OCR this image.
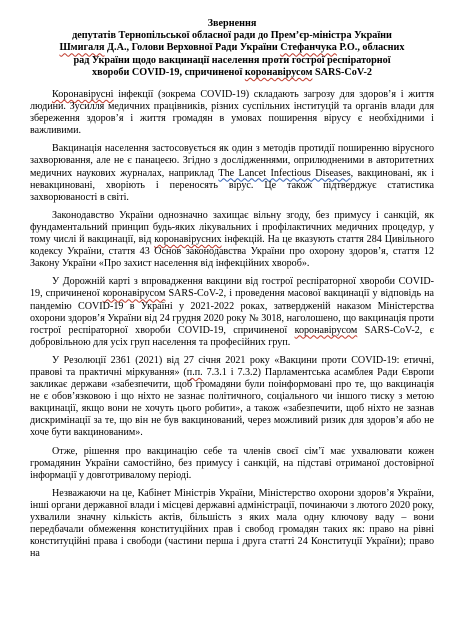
Звернення
депутатів Тернопільської обласної ради до Прем’єр-міністра України
Шмигаля Д.А., Голови Верховної Ради України Стефанчука Р.О., обласних
рад України щодо вакцинації населення проти гострої респіраторної
хвороби COVID-19, спричиненої коронавірусом SARS-CoV-2

Коронавірусні інфекції (зокрема COVID-19) складають загрозу для здоров’я і життя людини. Зусилля медичних працівників, різних суспільних інституцій та органів влади для збереження здоров’я і життя громадян в умовах поширення вірусу є необхідними і важливими.

Вакцинація населення застосовується як один з методів протидії поширенню вірусного захворювання, але не є панацеєю. Згідно з дослідженнями, оприлюдненими в авторитетних медичних наукових журналах, наприклад The Lancet Infectious Diseases, вакциновані, як і невакциновані, хворіють і переносять вірус. Це також підтверджує статистика захворюваності в світі.

Законодавство України однозначно захищає вільну згоду, без примусу і санкцій, як фундаментальний принцип будь-яких лікувальних і профілактичних медичних процедур, у тому числі й вакцинації, від коронавірусних інфекцій. На це вказують стаття 284 Цивільного кодексу України, стаття 43 Основ законодавства України про охорону здоров’я, стаття 12 Закону України «Про захист населення від інфекційних хвороб».

У Дорожній карті з впровадження вакцини від гострої респіраторної хвороби COVID-19, спричиненої коронавірусом SARS-CoV-2, і проведення масової вакцинації у відповідь на пандемію COVID-19 в Україні у 2021-2022 роках, затвердженій наказом Міністерства охорони здоров’я України від 24 грудня 2020 року № 3018, наголошено, що вакцинація проти гострої респіраторної хвороби COVID-19, спричиненої коронавірусом SARS-CoV-2, є добровільною для усіх груп населення та професійних груп.

У Резолюції 2361 (2021) від 27 січня 2021 року «Вакцини проти COVID-19: етичні, правові та практичні міркування» (п.п. 7.3.1 і 7.3.2) Парламентська асамблея Ради Європи закликає держави «забезпечити, щоб громадяни були поінформовані про те, що вакцинація не є обов’язковою і що ніхто не зазнає політичного, соціального чи іншого тиску з метою вакцинації, якщо вони не хочуть цього робити», а також «забезпечити, щоб ніхто не зазнав дискримінації за те, що він не був вакцинований, через можливий ризик для здоров’я або не хоче бути вакцинованим».

Отже, рішення про вакцинацію себе та членів своєї сім’ї має ухвалювати кожен громадянин України самостійно, без примусу і санкцій, на підставі отриманої достовірної інформації у довготривалому періоді.

Незважаючи на це, Кабінет Міністрів України, Міністерство охорони здоров’я України, інші органи державної влади і місцеві державні адміністрації, починаючи з лютого 2020 року, ухвалили значну кількість актів, більшість з яких мала одну ключову ваду – вони передбачали обмеження конституційних прав і свобод громадян таких як: право на рівні конституційні права і свободи (частини перша і друга статті 24 Конституції України); право на
